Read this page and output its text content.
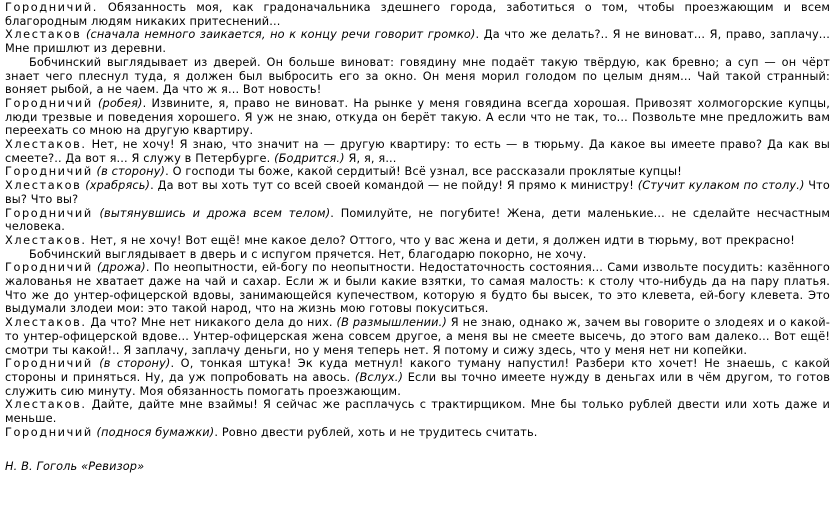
Городничий. Обязанность моя, как градоначальника здешнего города, заботиться о том, чтобы проезжающим и всем благородным людям никаких притеснений...

Хлестаков (сначала немного заикается, но к концу речи говорит громко). Да что же делать?.. Я не виноват... Я, право, заплачу... Мне пришлют из деревни.

Бобчинский выглядывает из дверей. Он больше виноват: говядину мне подаёт такую твёрдую, как бревно; а суп — он чёрт знает чего плеснул туда, я должен был выбросить его за окно. Он меня морил голодом по целым дням... Чай такой странный: воняет рыбой, а не чаем. Да что ж я... Вот новость!

Городничий (робея). Извините, я, право не виноват. На рынке у меня говядина всегда хорошая. Привозят холмогорские купцы, люди трезвые и поведения хорошего. Я уж не знаю, откуда он берёт такую. А если что не так, то... Позвольте мне предложить вам переехать со мною на другую квартиру.

Хлестаков. Нет, не хочу! Я знаю, что значит на — другую квартиру: то есть — в тюрьму. Да какое вы имеете право? Да как вы смеете?.. Да вот я... Я служу в Петербурге. (Бодрится.) Я, я, я...

Городничий (в сторону). О господи ты боже, какой сердитый! Всё узнал, все рассказали проклятые купцы!

Хлестаков (храбрясь). Да вот вы хоть тут со всей своей командой — не пойду! Я прямо к министру! (Стучит кулаком по столу.) Что вы? Что вы?

Городничий (вытянувшись и дрожа всем телом). Помилуйте, не погубите! Жена, дети маленькие... не сделайте несчастным человека.

Хлестаков. Нет, я не хочу! Вот ещё! мне какое дело? Оттого, что у вас жена и дети, я должен идти в тюрьму, вот прекрасно!

Бобчинский выглядывает в дверь и с испугом прячется. Нет, благодарю покорно, не хочу.

Городничий (дрожа). По неопытности, ей-богу по неопытности. Недостаточность состояния... Сами извольте посудить: казённого жалованья не хватает даже на чай и сахар. Если ж и были какие взятки, то самая малость: к столу что-нибудь да на пару платья. Что же до унтер-офицерской вдовы, занимающейся купечеством, которую я будто бы высек, то это клевета, ей-богу клевета. Это выдумали злодеи мои: это такой народ, что на жизнь мою готовы покуситься.

Хлестаков. Да что? Мне нет никакого дела до них. (В размышлении.) Я не знаю, однако ж, зачем вы говорите о злодеях и о какой-то унтер-офицерской вдове... Унтер-офицерская жена совсем другое, а меня вы не смеете высечь, до этого вам далеко... Вот ещё! смотри ты какой!.. Я заплачу, заплачу деньги, но у меня теперь нет. Я потому и сижу здесь, что у меня нет ни копейки.

Городничий (в сторону). О, тонкая штука! Эк куда метнул! какого туману напустил! Разбери кто хочет! Не знаешь, с какой стороны и приняться. Ну, да уж попробовать на авось. (Вслух.) Если вы точно имеете нужду в деньгах или в чём другом, то готов служить сию минуту. Моя обязанность помогать проезжающим.

Хлестаков. Дайте, дайте мне взаймы! Я сейчас же расплачусь с трактирщиком. Мне бы только рублей двести или хоть даже и меньше.

Городничий (поднося бумажки). Ровно двести рублей, хоть и не трудитесь считать.

Н. В. Гоголь «Ревизор»
